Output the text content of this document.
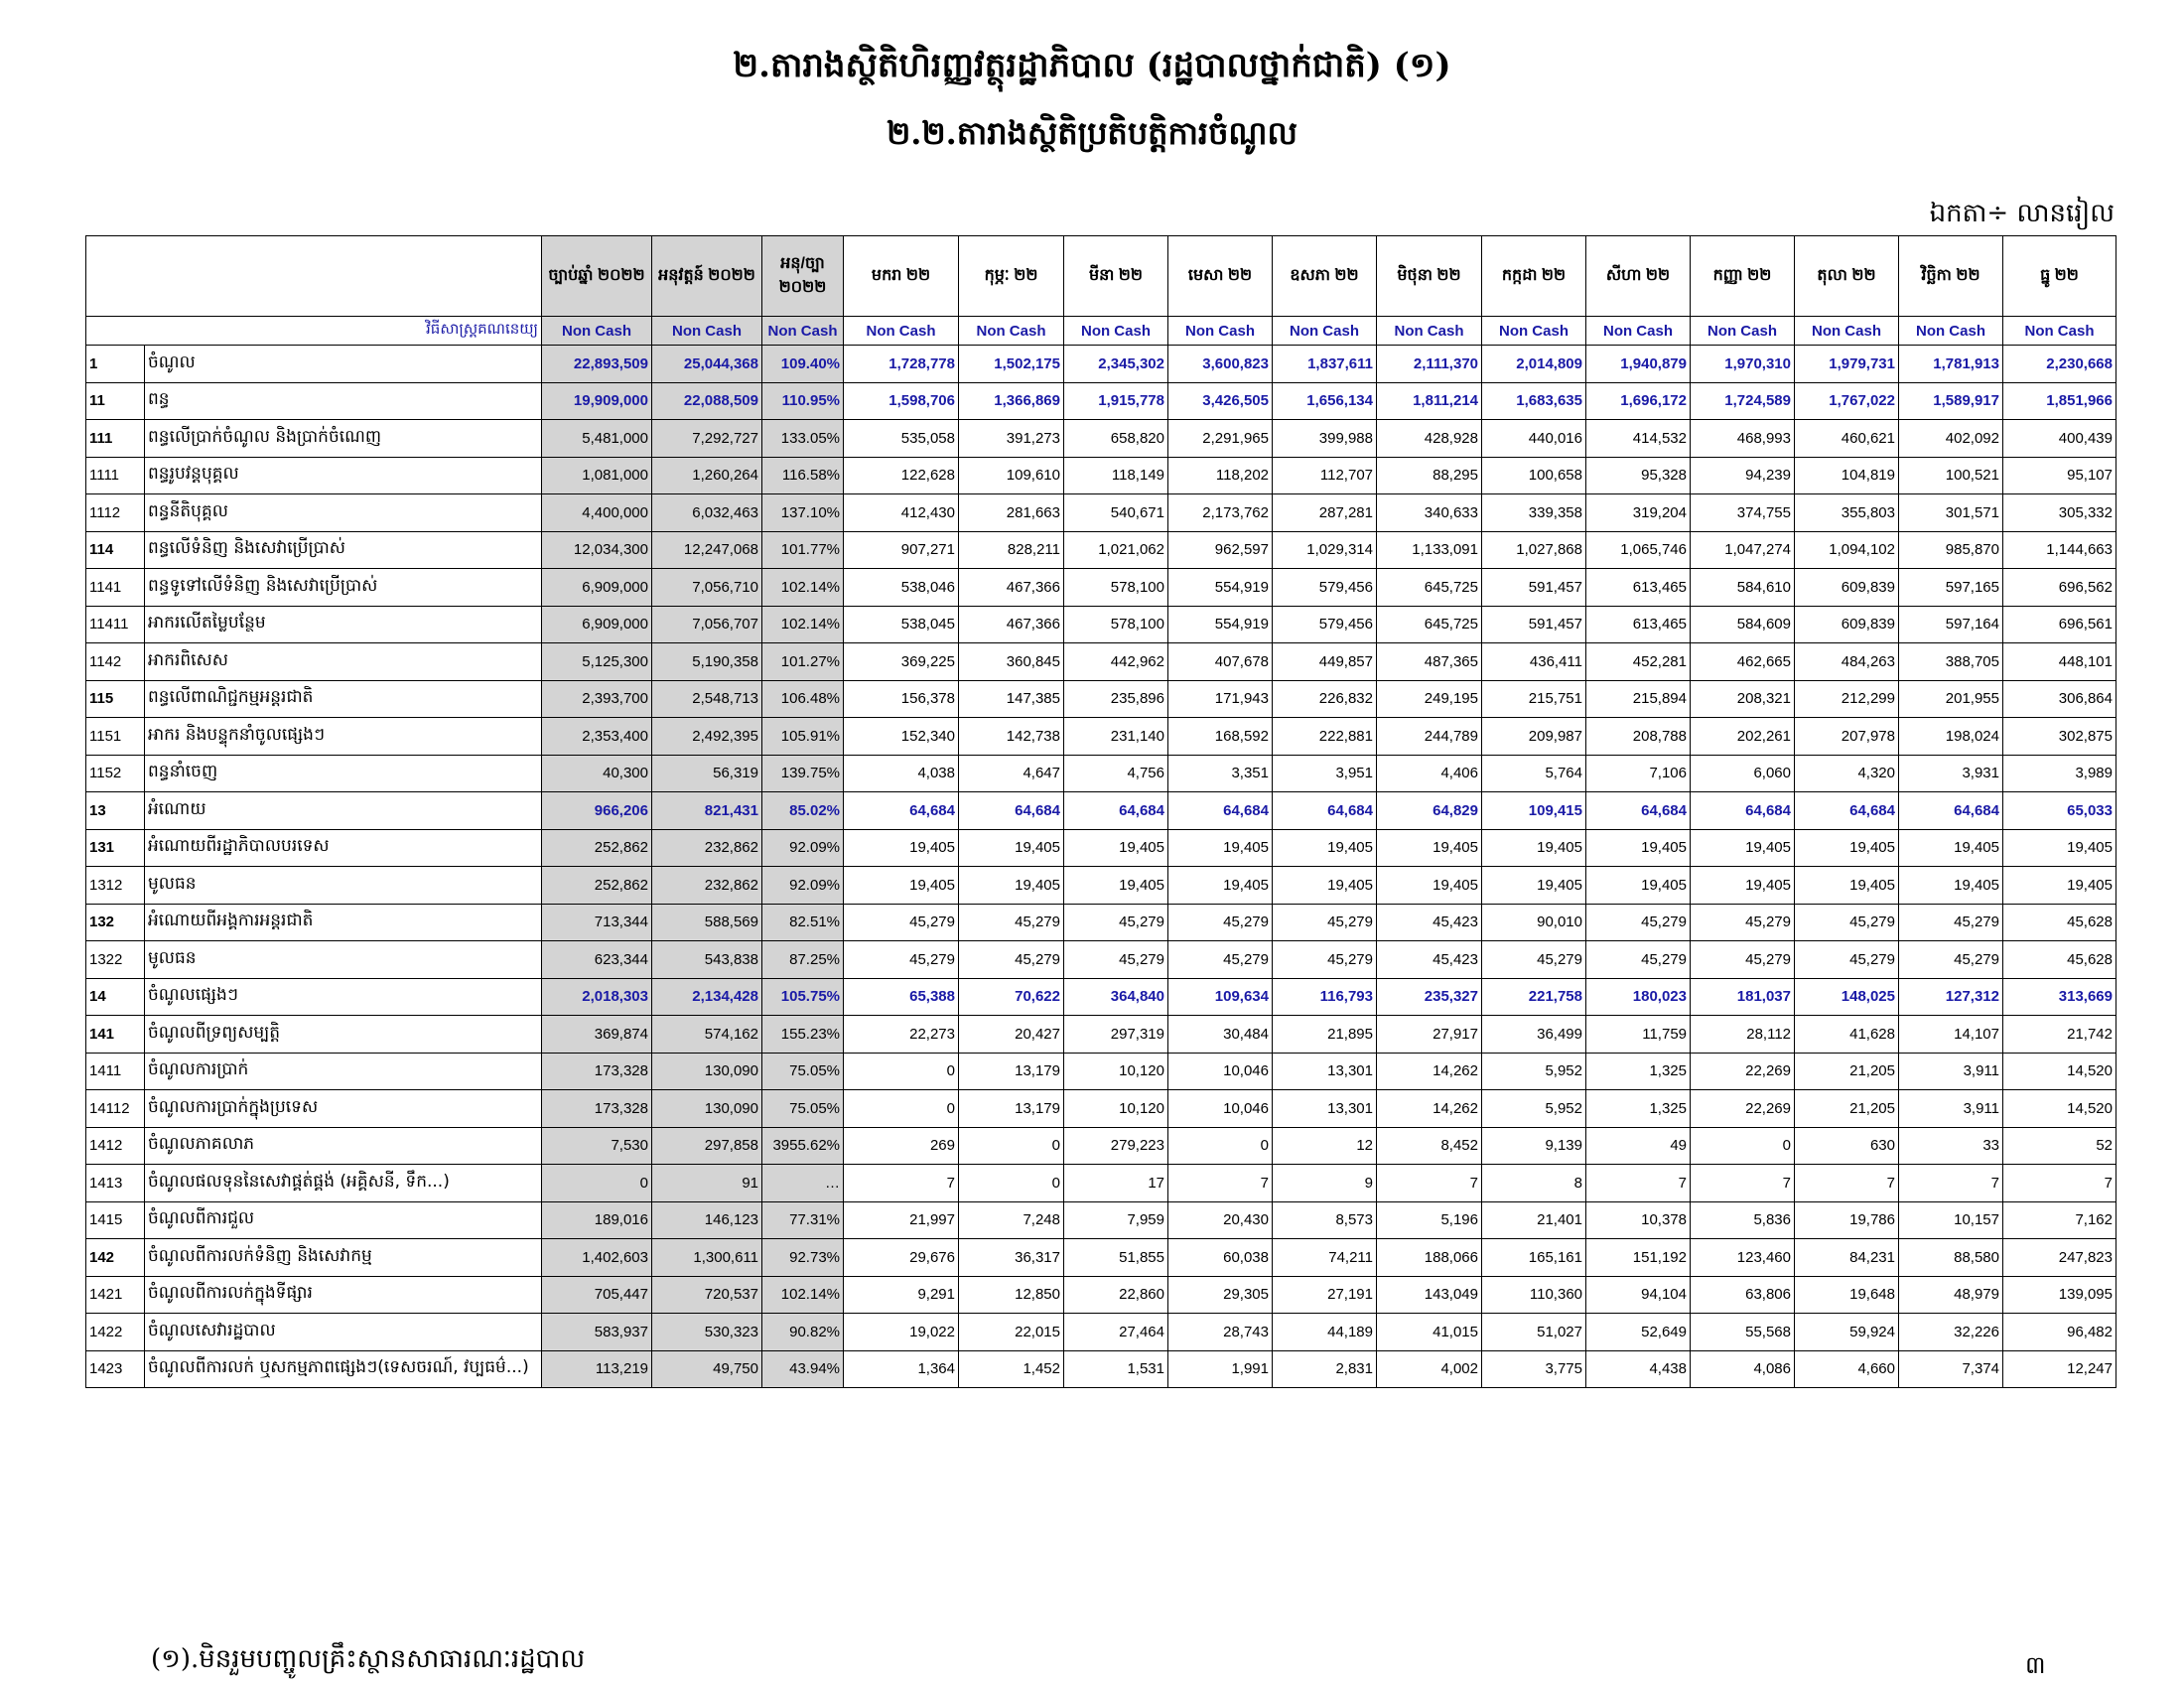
២.តារាងស្ថិតិហិរញ្ញវត្ថុរដ្ឋាភិបាល (រដ្ឋបាលថ្នាក់ជាតិ) (១)
២.២.តារាងស្ថិតិប្រតិបត្តិការចំណូល
ឯកតា÷ លានរៀល
		ច្បាប់ឆ្នាំ ២០២២	អនុវត្តន៍ ២០២២	អនុ/ច្បា ២០២២	មករា ២២	កុម្ភៈ ២២	មីនា ២២	មេសា ២២	ឧសភា ២២	មិថុនា ២២	កក្កដា ២២	សីហា ២២	កញ្ញា ២២	តុលា ២២	វិច្ឆិកា ២២	ធ្នូ ២២
វិធីសាស្ត្រគណនេយ្យ		Non Cash	Non Cash	Non Cash	Non Cash	Non Cash	Non Cash	Non Cash	Non Cash	Non Cash	Non Cash	Non Cash	Non Cash	Non Cash	Non Cash	Non Cash
1	ចំណូល	22,893,509	25,044,368	109.40%	1,728,778	1,502,175	2,345,302	3,600,823	1,837,611	2,111,370	2,014,809	1,940,879	1,970,310	1,979,731	1,781,913	2,230,668
11	ពន្ធ	19,909,000	22,088,509	110.95%	1,598,706	1,366,869	1,915,778	3,426,505	1,656,134	1,811,214	1,683,635	1,696,172	1,724,589	1,767,022	1,589,917	1,851,966
111	ពន្ធលើប្រាក់ចំណូល និងប្រាក់ចំណេញ	5,481,000	7,292,727	133.05%	535,058	391,273	658,820	2,291,965	399,988	428,928	440,016	414,532	468,993	460,621	402,092	400,439
1111	ពន្ធរូបវន្តបុគ្គល	1,081,000	1,260,264	116.58%	122,628	109,610	118,149	118,202	112,707	88,295	100,658	95,328	94,239	104,819	100,521	95,107
1112	ពន្ធនីតិបុគ្គល	4,400,000	6,032,463	137.10%	412,430	281,663	540,671	2,173,762	287,281	340,633	339,358	319,204	374,755	355,803	301,571	305,332
114	ពន្ធលើទំនិញ និងសេវាប្រើប្រាស់	12,034,300	12,247,068	101.77%	907,271	828,211	1,021,062	962,597	1,029,314	1,133,091	1,027,868	1,065,746	1,047,274	1,094,102	985,870	1,144,663
1141	ពន្ធទូទៅលើទំនិញ និងសេវាប្រើប្រាស់	6,909,000	7,056,710	102.14%	538,046	467,366	578,100	554,919	579,456	645,725	591,457	613,465	584,610	609,839	597,165	696,562
11411	អាករលើតម្លៃបន្ថែម	6,909,000	7,056,707	102.14%	538,045	467,366	578,100	554,919	579,456	645,725	591,457	613,465	584,609	609,839	597,164	696,561
1142	អាករពិសេស	5,125,300	5,190,358	101.27%	369,225	360,845	442,962	407,678	449,857	487,365	436,411	452,281	462,665	484,263	388,705	448,101
115	ពន្ធលើពាណិជ្ជកម្មអន្តរជាតិ	2,393,700	2,548,713	106.48%	156,378	147,385	235,896	171,943	226,832	249,195	215,751	215,894	208,321	212,299	201,955	306,864
1151	អាករ និងបន្ទុកនាំចូលផ្សេងៗ	2,353,400	2,492,395	105.91%	152,340	142,738	231,140	168,592	222,881	244,789	209,987	208,788	202,261	207,978	198,024	302,875
1152	ពន្ធនាំចេញ	40,300	56,319	139.75%	4,038	4,647	4,756	3,351	3,951	4,406	5,764	7,106	6,060	4,320	3,931	3,989
13	អំណោយ	966,206	821,431	85.02%	64,684	64,684	64,684	64,684	64,684	64,829	109,415	64,684	64,684	64,684	64,684	65,033
131	អំណោយពីរដ្ឋាភិបាលបរទេស	252,862	232,862	92.09%	19,405	19,405	19,405	19,405	19,405	19,405	19,405	19,405	19,405	19,405	19,405	19,405
1312	មូលធន	252,862	232,862	92.09%	19,405	19,405	19,405	19,405	19,405	19,405	19,405	19,405	19,405	19,405	19,405	19,405
132	អំណោយពីអង្គការអន្តរជាតិ	713,344	588,569	82.51%	45,279	45,279	45,279	45,279	45,279	45,423	90,010	45,279	45,279	45,279	45,279	45,628
1322	មូលធន	623,344	543,838	87.25%	45,279	45,279	45,279	45,279	45,279	45,423	45,279	45,279	45,279	45,279	45,279	45,628
14	ចំណូលផ្សេងៗ	2,018,303	2,134,428	105.75%	65,388	70,622	364,840	109,634	116,793	235,327	221,758	180,023	181,037	148,025	127,312	313,669
141	ចំណូលពីទ្រព្យសម្បត្តិ	369,874	574,162	155.23%	22,273	20,427	297,319	30,484	21,895	27,917	36,499	11,759	28,112	41,628	14,107	21,742
1411	ចំណូលការប្រាក់	173,328	130,090	75.05%	0	13,179	10,120	10,046	13,301	14,262	5,952	1,325	22,269	21,205	3,911	14,520
14112	ចំណូលការប្រាក់ក្នុងប្រទេស	173,328	130,090	75.05%	0	13,179	10,120	10,046	13,301	14,262	5,952	1,325	22,269	21,205	3,911	14,520
1412	ចំណូលភាគលាភ	7,530	297,858	3955.62%	269	0	279,223	0	12	8,452	9,139	49	0	630	33	52
1413	ចំណូលផលទុននៃសេវាផ្គត់ផ្គង់ (អគ្គិសនី, ទឹក...)	0	91	…	7	0	17	7	9	7	8	7	7	7	7	7
1415	ចំណូលពីការជួល	189,016	146,123	77.31%	21,997	7,248	7,959	20,430	8,573	5,196	21,401	10,378	5,836	19,786	10,157	7,162
142	ចំណូលពីការលក់ទំនិញ និងសេវាកម្ម	1,402,603	1,300,611	92.73%	29,676	36,317	51,855	60,038	74,211	188,066	165,161	151,192	123,460	84,231	88,580	247,823
1421	ចំណូលពីការលក់ក្នុងទីផ្សារ	705,447	720,537	102.14%	9,291	12,850	22,860	29,305	27,191	143,049	110,360	94,104	63,806	19,648	48,979	139,095
1422	ចំណូលសេវារដ្ឋបាល	583,937	530,323	90.82%	19,022	22,015	27,464	28,743	44,189	41,015	51,027	52,649	55,568	59,924	32,226	96,482
1423	ចំណូលពីការលក់ ឬសកម្មភាពផ្សេងៗ(ទេសចរណ៍, វប្បធម៌...)	113,219	49,750	43.94%	1,364	1,452	1,531	1,991	2,831	4,002	3,775	4,438	4,086	4,660	7,374	12,247
(១).មិនរួមបញ្ចូលគ្រឹះស្ថានសាធារណៈរដ្ឋបាល	៣
